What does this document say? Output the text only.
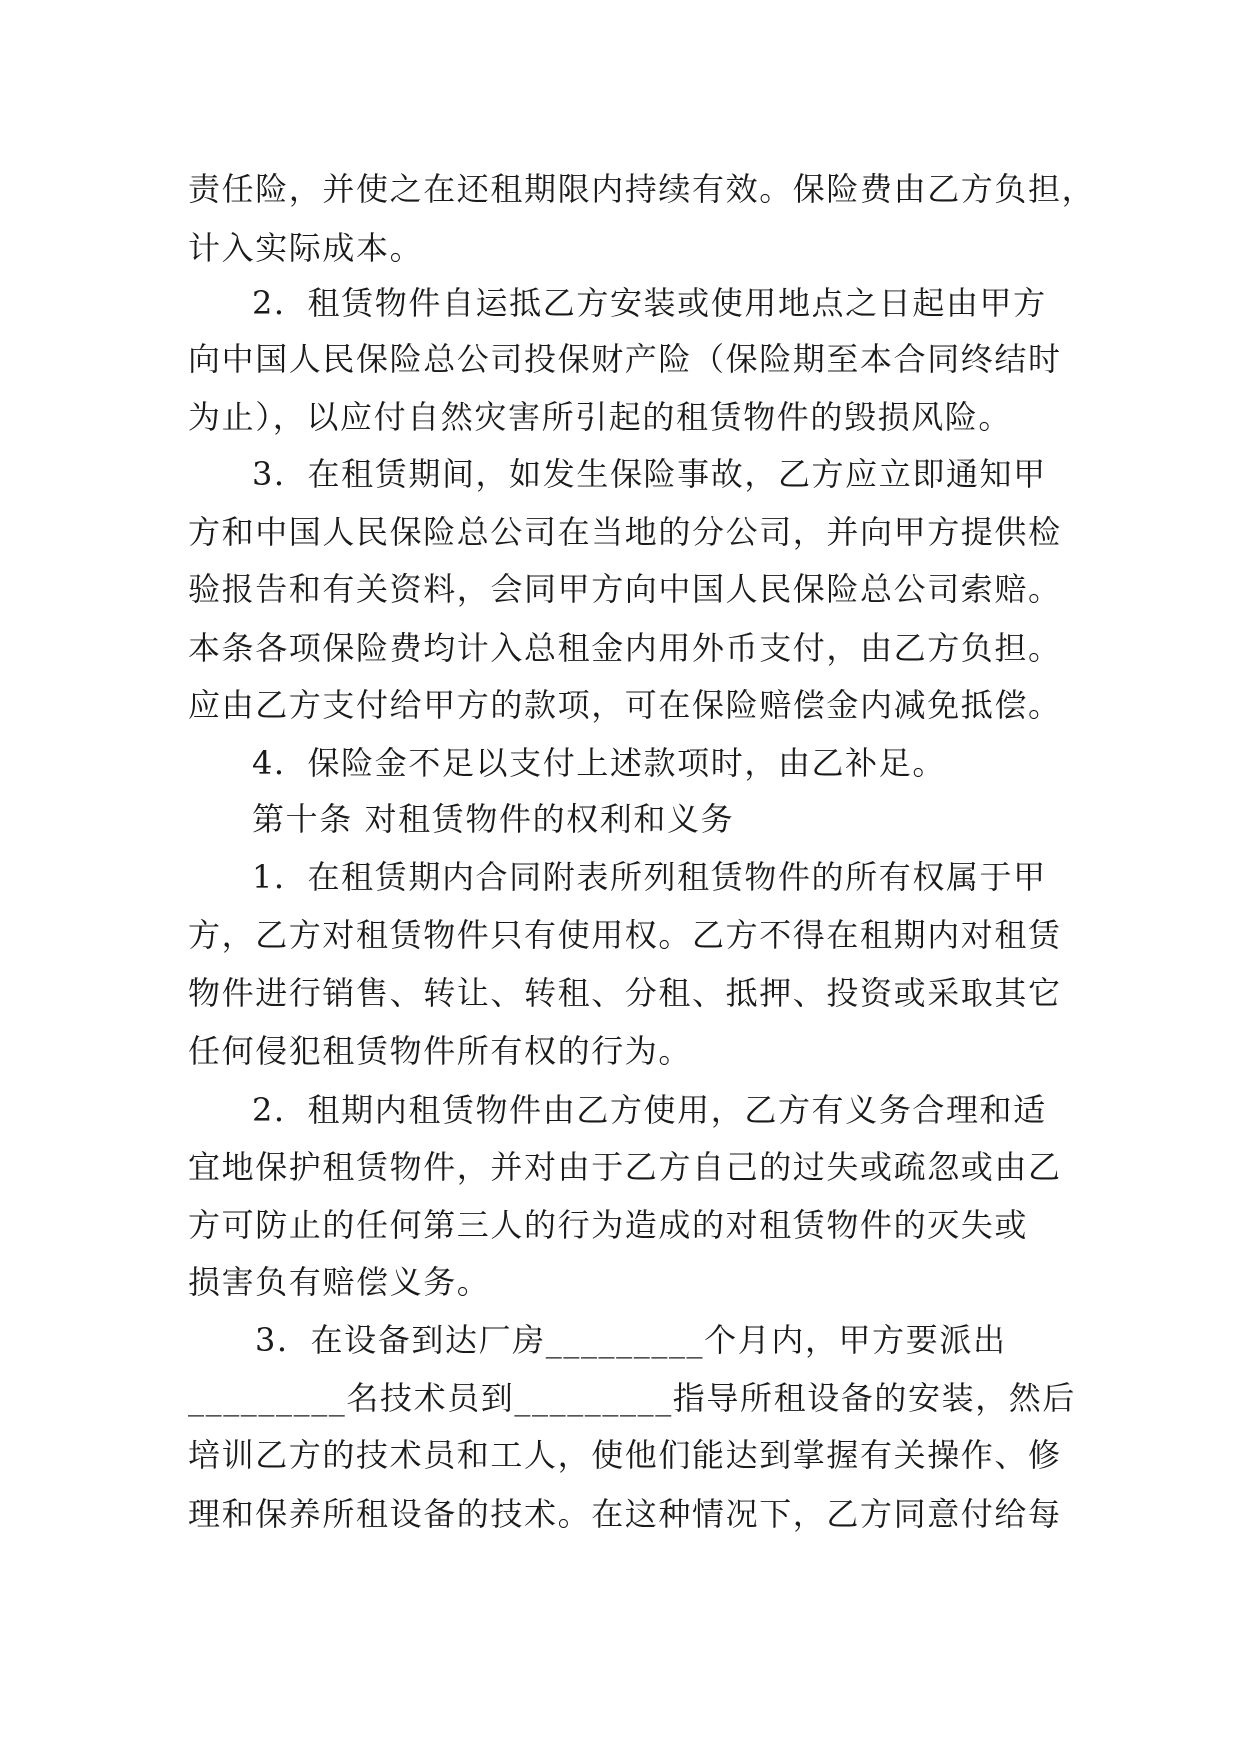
责任险，并使之在还租期限内持续有效。保险费由乙方负担，
计入实际成本。
2．租赁物件自运抵乙方安装或使用地点之日起由甲方
向中国人民保险总公司投保财产险（保险期至本合同终结时
为止），以应付自然灾害所引起的租赁物件的毁损风险。
3．在租赁期间，如发生保险事故，乙方应立即通知甲
方和中国人民保险总公司在当地的分公司，并向甲方提供检
验报告和有关资料，会同甲方向中国人民保险总公司索赔。
本条各项保险费均计入总租金内用外币支付，由乙方负担。
应由乙方支付给甲方的款项，可在保险赔偿金内减免抵偿。
4．保险金不足以支付上述款项时，由乙补足。
第十条 对租赁物件的权利和义务
1．在租赁期内合同附表所列租赁物件的所有权属于甲
方，乙方对租赁物件只有使用权。乙方不得在租期内对租赁
物件进行销售、转让、转租、分租、抵押、投资或采取其它
任何侵犯租赁物件所有权的行为。
2．租期内租赁物件由乙方使用，乙方有义务合理和适
宜地保护租赁物件，并对由于乙方自己的过失或疏忽或由乙
方可防止的任何第三人的行为造成的对租赁物件的灭失或
损害负有赔偿义务。
3．在设备到达厂房_________个月内，甲方要派出
_________名技术员到_________指导所租设备的安装，然后
培训乙方的技术员和工人，使他们能达到掌握有关操作、修
理和保养所租设备的技术。在这种情况下，乙方同意付给每
